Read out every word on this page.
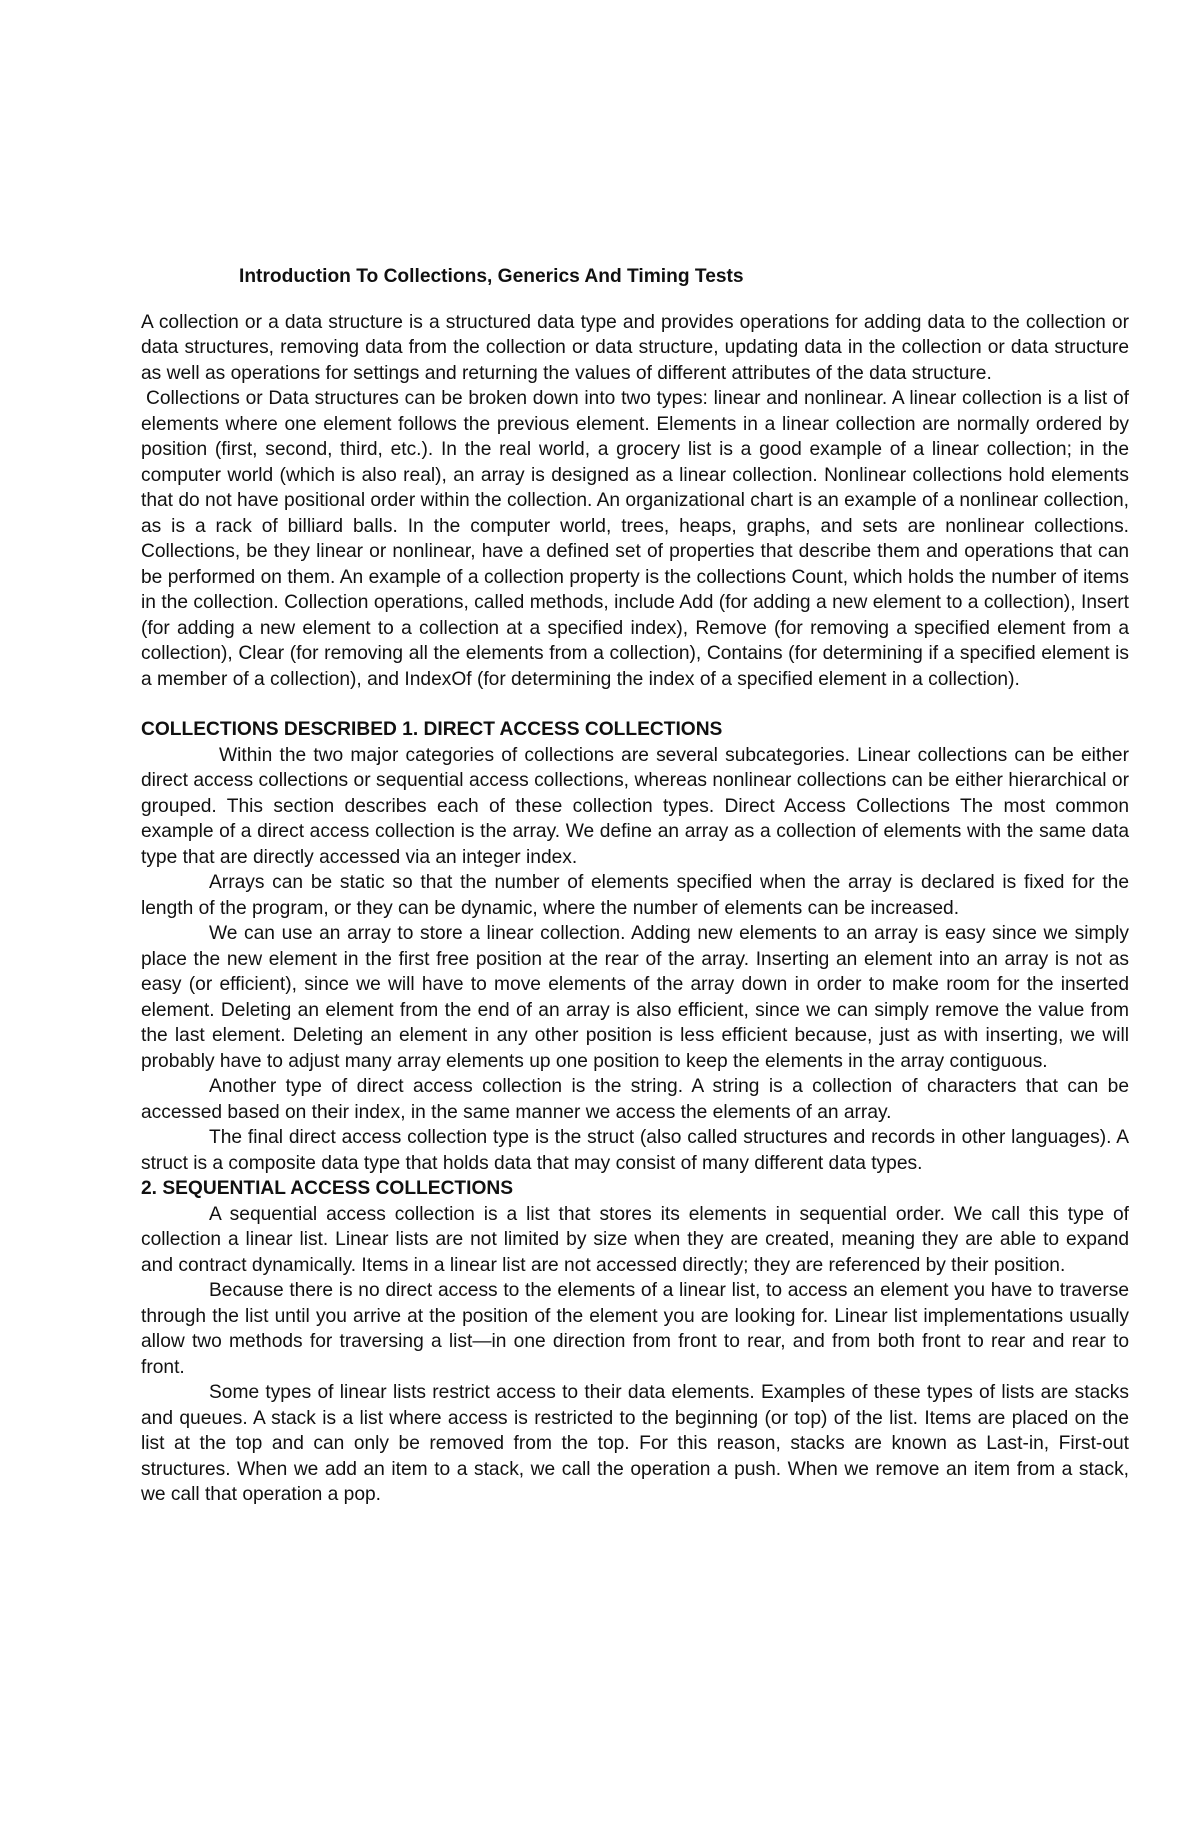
Introduction To Collections, Generics And Timing Tests

A collection or a data structure is a structured data type and provides operations for adding data to the collection or data structures, removing data from the collection or data structure, updating data in the collection or data structure as well as operations for settings and returning the values of different attributes of the data structure.

Collections or Data structures can be broken down into two types: linear and nonlinear. A linear collection is a list of elements where one element follows the previous element. Elements in a linear collection are normally ordered by position (first, second, third, etc.). In the real world, a grocery list is a good example of a linear collection; in the computer world (which is also real), an array is designed as a linear collection. Nonlinear collections hold elements that do not have positional order within the collection. An organizational chart is an example of a nonlinear collection, as is a rack of billiard balls. In the computer world, trees, heaps, graphs, and sets are nonlinear collections. Collections, be they linear or nonlinear, have a defined set of properties that describe them and operations that can be performed on them. An example of a collection property is the collections Count, which holds the number of items in the collection. Collection operations, called methods, include Add (for adding a new element to a collection), Insert (for adding a new element to a collection at a specified index), Remove (for removing a specified element from a collection), Clear (for removing all the elements from a collection), Contains (for determining if a specified element is a member of a collection), and IndexOf (for determining the index of a specified element in a collection).

COLLECTIONS DESCRIBED 1. DIRECT ACCESS COLLECTIONS

Within the two major categories of collections are several subcategories. Linear collections can be either direct access collections or sequential access collections, whereas nonlinear collections can be either hierarchical or grouped. This section describes each of these collection types. Direct Access Collections The most common example of a direct access collection is the array. We define an array as a collection of elements with the same data type that are directly accessed via an integer index.

Arrays can be static so that the number of elements specified when the array is declared is fixed for the length of the program, or they can be dynamic, where the number of elements can be increased.

We can use an array to store a linear collection. Adding new elements to an array is easy since we simply place the new element in the first free position at the rear of the array. Inserting an element into an array is not as easy (or efficient), since we will have to move elements of the array down in order to make room for the inserted element. Deleting an element from the end of an array is also efficient, since we can simply remove the value from the last element. Deleting an element in any other position is less efficient because, just as with inserting, we will probably have to adjust many array elements up one position to keep the elements in the array contiguous.

Another type of direct access collection is the string. A string is a collection of characters that can be accessed based on their index, in the same manner we access the elements of an array.

The final direct access collection type is the struct (also called structures and records in other languages). A struct is a composite data type that holds data that may consist of many different data types.

2. SEQUENTIAL ACCESS COLLECTIONS

A sequential access collection is a list that stores its elements in sequential order. We call this type of collection a linear list. Linear lists are not limited by size when they are created, meaning they are able to expand and contract dynamically. Items in a linear list are not accessed directly; they are referenced by their position.

Because there is no direct access to the elements of a linear list, to access an element you have to traverse through the list until you arrive at the position of the element you are looking for. Linear list implementations usually allow two methods for traversing a list—in one direction from front to rear, and from both front to rear and rear to front.

Some types of linear lists restrict access to their data elements. Examples of these types of lists are stacks and queues. A stack is a list where access is restricted to the beginning (or top) of the list. Items are placed on the list at the top and can only be removed from the top. For this reason, stacks are known as Last-in, First-out structures. When we add an item to a stack, we call the operation a push. When we remove an item from a stack, we call that operation a pop.
